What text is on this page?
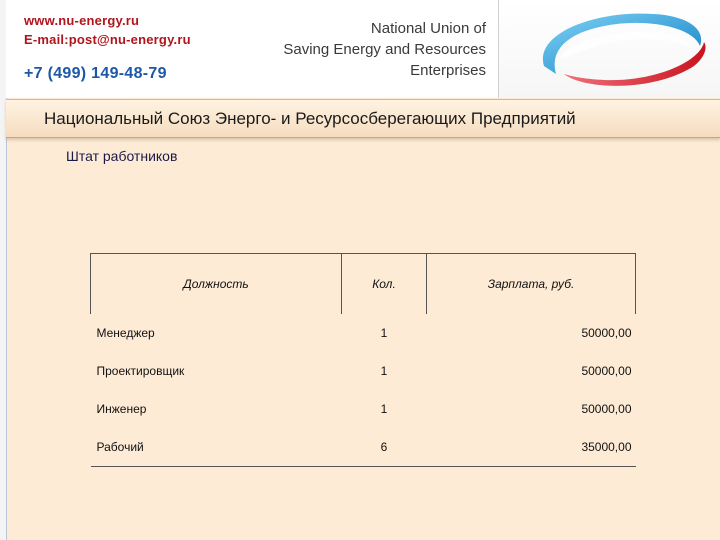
www.nu-energy.ru
E-mail:post@nu-energy.ru
+7 (499) 149-48-79
National Union of
Saving Energy and Resources
Enterprises
Национальный Союз Энерго- и Ресурсосберегающих Предприятий
Штат работников
Должность	Кол.	Зарплата, руб.
Менеджер	1	50000,00
Проектировщик	1	50000,00
Инженер	1	50000,00
Рабочий	6	35000,00
